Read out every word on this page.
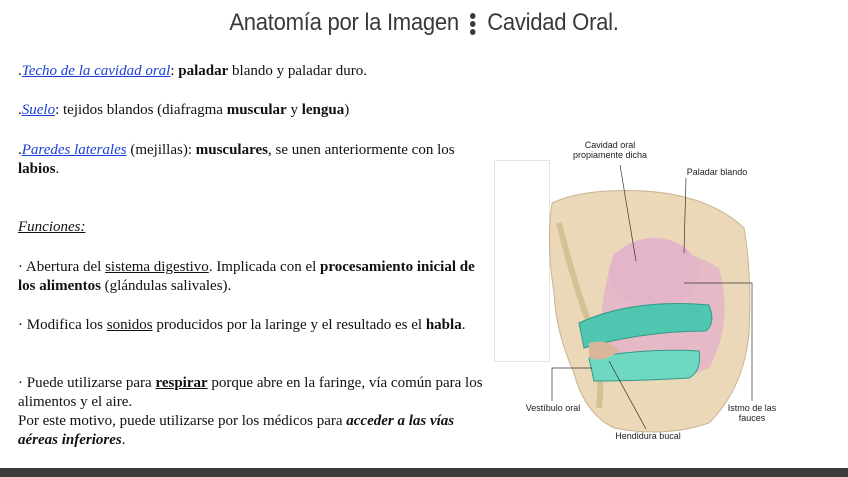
Anatomía por la Imagen Cavidad Oral.

.Techo de la cavidad oral: paladar blando y paladar duro.

.Suelo: tejidos blandos (diafragma muscular y lengua)

.Paredes laterales (mejillas): musculares, se unen anteriormente con los labios.

Funciones:

· Abertura del sistema digestivo. Implicada con el procesamiento inicial de los alimentos (glándulas salivales).

· Modifica los sonidos producidos por la laringe y el resultado es el habla.

· Puede utilizarse para respirar porque abre en la faringe, vía común para los alimentos y el aire.
Por este motivo, puede utilizarse por los médicos para acceder a las vías aéreas inferiores.

Cavidad oral propiamente dicha
Paladar blando
Vestíbulo oral	Istmo de las fauces
Hendidura bucal
